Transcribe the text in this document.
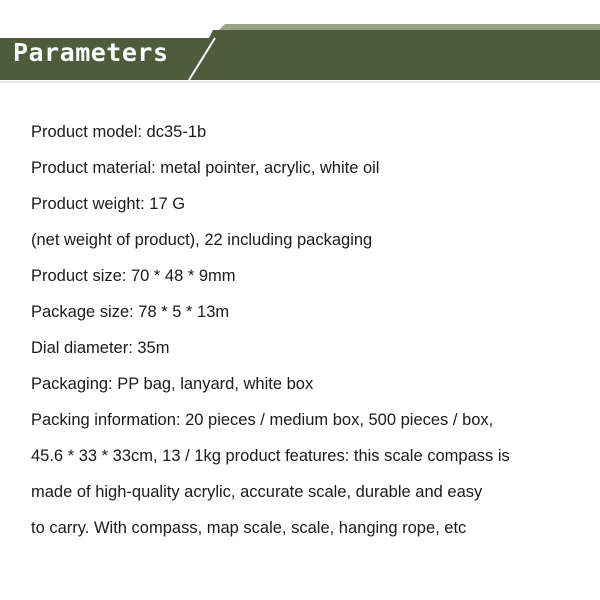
Parameters
Product model: dc35-1b
Product material: metal pointer, acrylic, white oil
Product weight: 17 G
(net weight of product), 22 including packaging
Product size: 70 * 48 * 9mm
Package size: 78 * 5 * 13m
Dial diameter: 35m
Packaging: PP bag, lanyard, white box
Packing information: 20 pieces / medium box, 500 pieces / box,
45.6 * 33 * 33cm, 13 / 1kg product features: this scale compass is
made of high-quality acrylic, accurate scale, durable and easy
to carry. With compass, map scale, scale, hanging rope, etc
